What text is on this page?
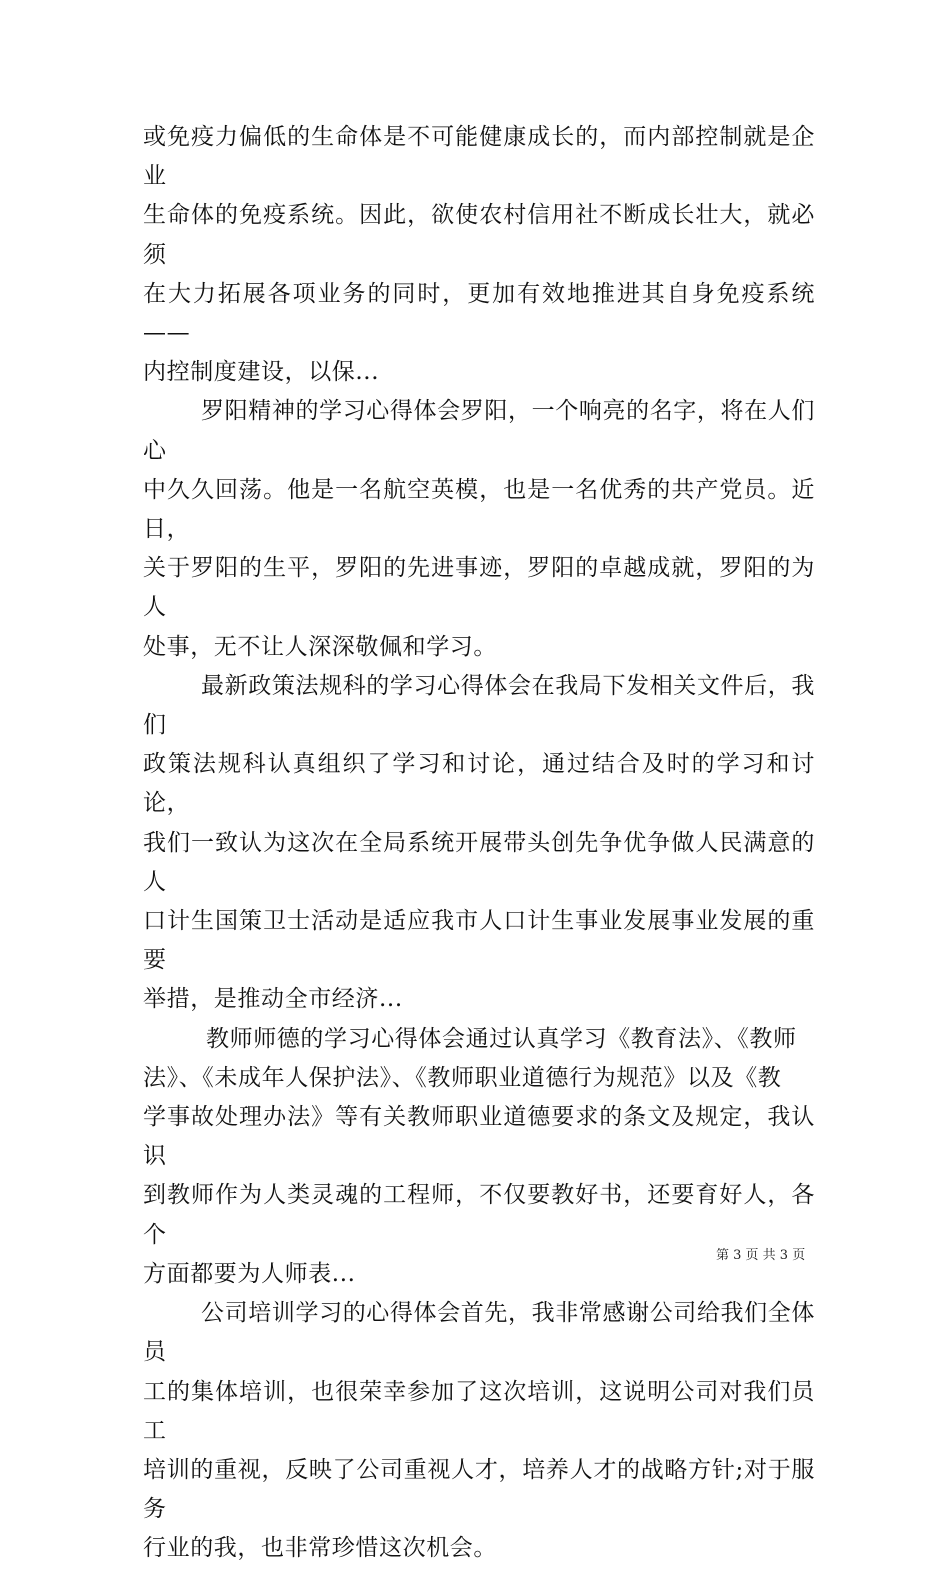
或免疫力偏低的生命体是不可能健康成长的，而内部控制就是企业
生命体的免疫系统。因此，欲使农村信用社不断成长壮大，就必须
在大力拓展各项业务的同时，更加有效地推进其自身免疫系统——
内控制度建设，以保...

罗阳精神的学习心得体会罗阳，一个响亮的名字，将在人们心
中久久回荡。他是一名航空英模，也是一名优秀的共产党员。近日，
关于罗阳的生平，罗阳的先进事迹，罗阳的卓越成就，罗阳的为人
处事，无不让人深深敬佩和学习。

最新政策法规科的学习心得体会在我局下发相关文件后，我们
政策法规科认真组织了学习和讨论，通过结合及时的学习和讨论，
我们一致认为这次在全局系统开展带头创先争优争做人民满意的人
口计生国策卫士活动是适应我市人口计生事业发展事业发展的重要
举措，是推动全市经济...

教师师德的学习心得体会通过认真学习《教育法》、《教师
法》、《未成年人保护法》、《教师职业道德行为规范》以及《教
学事故处理办法》等有关教师职业道德要求的条文及规定，我认识
到教师作为人类灵魂的工程师，不仅要教好书，还要育好人，各个
方面都要为人师表...

公司培训学习的心得体会首先，我非常感谢公司给我们全体员
工的集体培训，也很荣幸参加了这次培训，这说明公司对我们员工
培训的重视，反映了公司重视人才，培养人才的战略方针;对于服务
行业的我，也非常珍惜这次机会。

第 3 页 共 3 页
